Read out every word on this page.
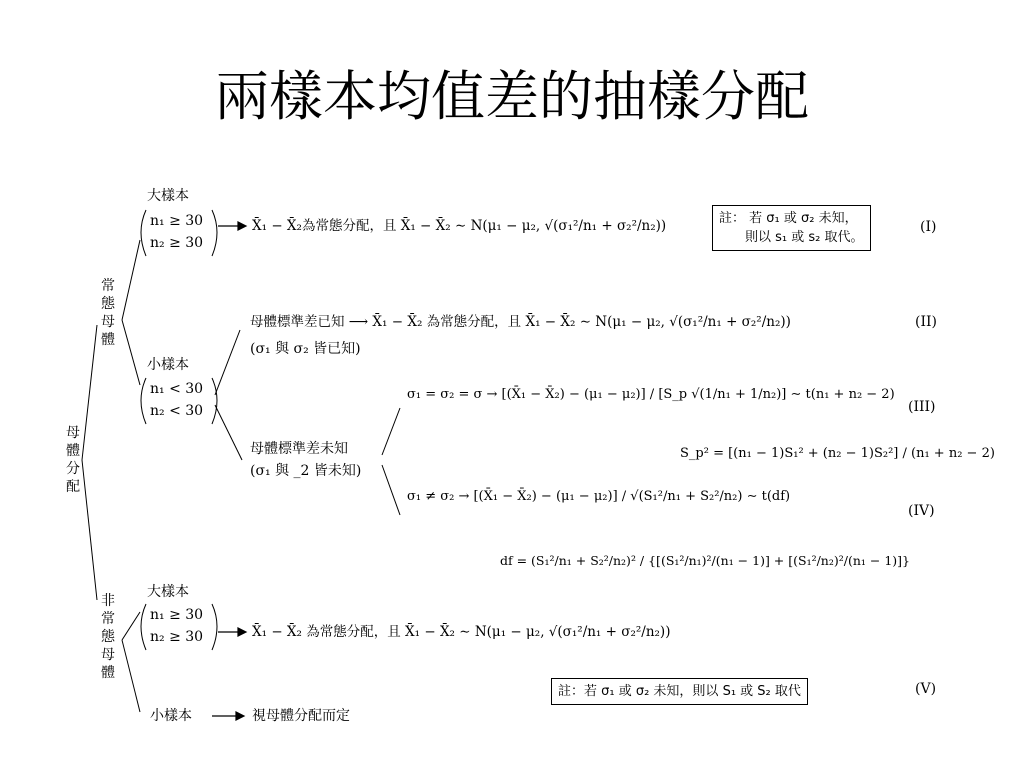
兩樣本均值差的抽樣分配
母
體
分
配
常
態
母
體
非
常
態
母
體
大樣本
n₁ ≥ 30
n₂ ≥ 30
X̄₁ − X̄₂為常態分配，且 X̄₁ − X̄₂ ∼ N(μ₁ − μ₂, √(σ₁²/n₁ + σ₂²/n₂))	註： 若 σ₁ 或 σ₂ 未知，
則以 s₁ 或 s₂ 取代。
(I)
小樣本
n₁ < 30
n₂ < 30
母體標準差已知 ⟶ X̄₁ − X̄₂ 為常態分配，且 X̄₁ − X̄₂ ∼ N(μ₁ − μ₂, √(σ₁²/n₁ + σ₂²/n₂))
(σ₁ 與 σ₂ 皆已知)
(II)
母體標準差未知
(σ₁ 與 _2 皆未知)
σ₁ = σ₂ = σ → [(X̄₁ − X̄₂) − (μ₁ − μ₂)] / [S_p √(1/n₁ + 1/n₂)] ∼ t(n₁ + n₂ − 2)
S_p² = [(n₁ − 1)S₁² + (n₂ − 1)S₂²] / (n₁ + n₂ − 2)
(III)
σ₁ ≠ σ₂ → [(X̄₁ − X̄₂) − (μ₁ − μ₂)] / √(S₁²/n₁ + S₂²/n₂) ∼ t(df)
df = (S₁²/n₁ + S₂²/n₂)² / {[(S₁²/n₁)²/(n₁ − 1)] + [(S₁²/n₂)²/(n₁ − 1)]}
(IV)
大樣本
n₁ ≥ 30
n₂ ≥ 30	X̄₁ − X̄₂ 為常態分配，且 X̄₁ − X̄₂ ∼ N(μ₁ − μ₂, √(σ₁²/n₁ + σ₂²/n₂))
註：若 σ₁ 或 σ₂ 未知，則以 S₁ 或 S₂ 取代	(V)
小樣本	視母體分配而定
